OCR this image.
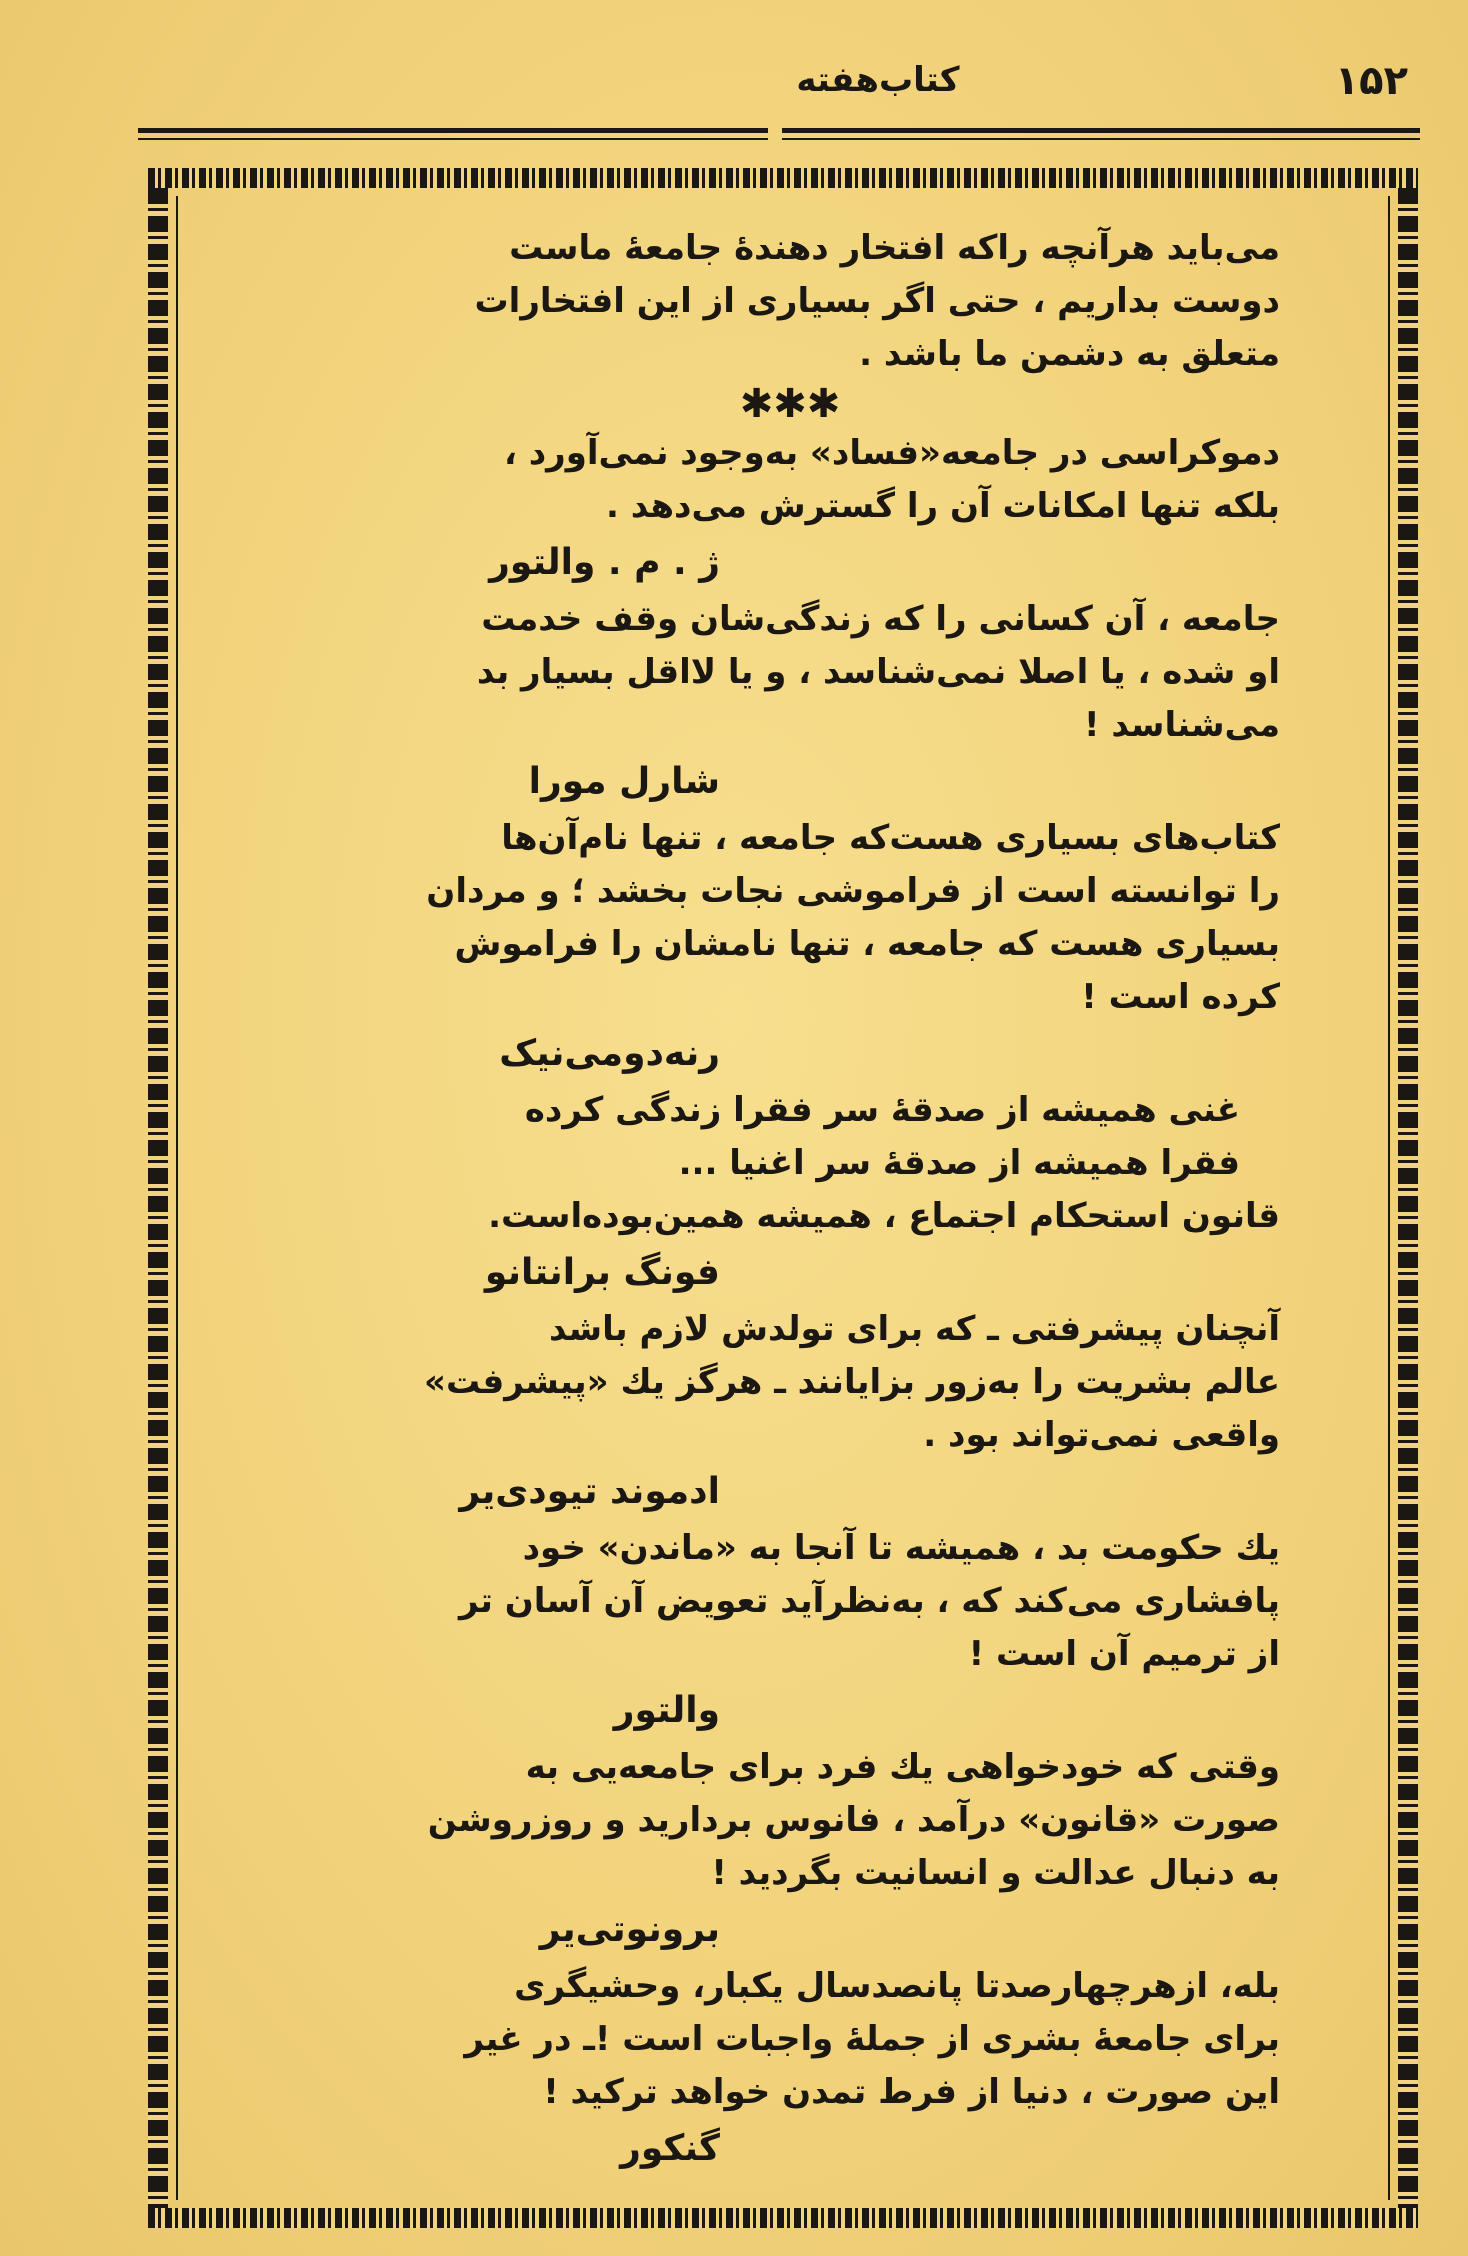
۱۵۲
کتاب‌هفته

می‌باید هرآنچه راکه افتخار دهندهٔ جامعهٔ ماست

دوست بداریم ، حتی اگر بسیاری از این افتخارات

متعلق به دشمن ما باشد .

✱✱✱

دموکراسی در جامعه«فساد» به‌وجود نمی‌آورد ،

بلکه تنها امکانات آن را گسترش می‌دهد .

ژ . م . والتور

جامعه ، آن کسانی را که زندگی‌شان وقف خدمت

او شده ، یا اصلا نمی‌شناسد ، و یا لااقل بسیار بد

می‌شناسد !

شارل مورا

کتاب‌های بسیاری هست‌که جامعه ، تنها نام‌آن‌ها

را توانسته است از فراموشی نجات بخشد ؛ و مردان

بسیاری هست که جامعه ، تنها نامشان را فراموش

کرده است !

رنه‌دومی‌نیک

غنی همیشه از صدقهٔ سر فقرا زندگی کرده

فقرا همیشه از صدقهٔ سر اغنیا ...

قانون استحکام اجتماع ، همیشه همین‌بوده‌است.

فونگ برانتانو

آنچنان پیشرفتی ـ که برای تولدش لازم باشد

عالم بشریت را به‌زور بزایانند ـ هرگز یك «پیشرفت»

واقعی نمی‌تواند بود .

ادموند تیودی‌یر

یك حکومت بد ، همیشه تا آنجا به «ماندن» خود

پافشاری می‌کند که ، به‌نظرآید تعویض آن آسان تر

از ترمیم آن است !

والتور

وقتی که خودخواهی یك فرد برای جامعه‌یی به

صورت «قانون» درآمد ، فانوس بردارید و روزروشن

به دنبال عدالت و انسانیت بگردید !

برونوتی‌یر

بله، ازهرچهارصدتا پانصدسال یکبار، وحشیگری

برای جامعهٔ بشری از جملهٔ واجبات است !ـ در غیر

این صورت ، دنیا از فرط تمدن خواهد ترکید !

گنکور
